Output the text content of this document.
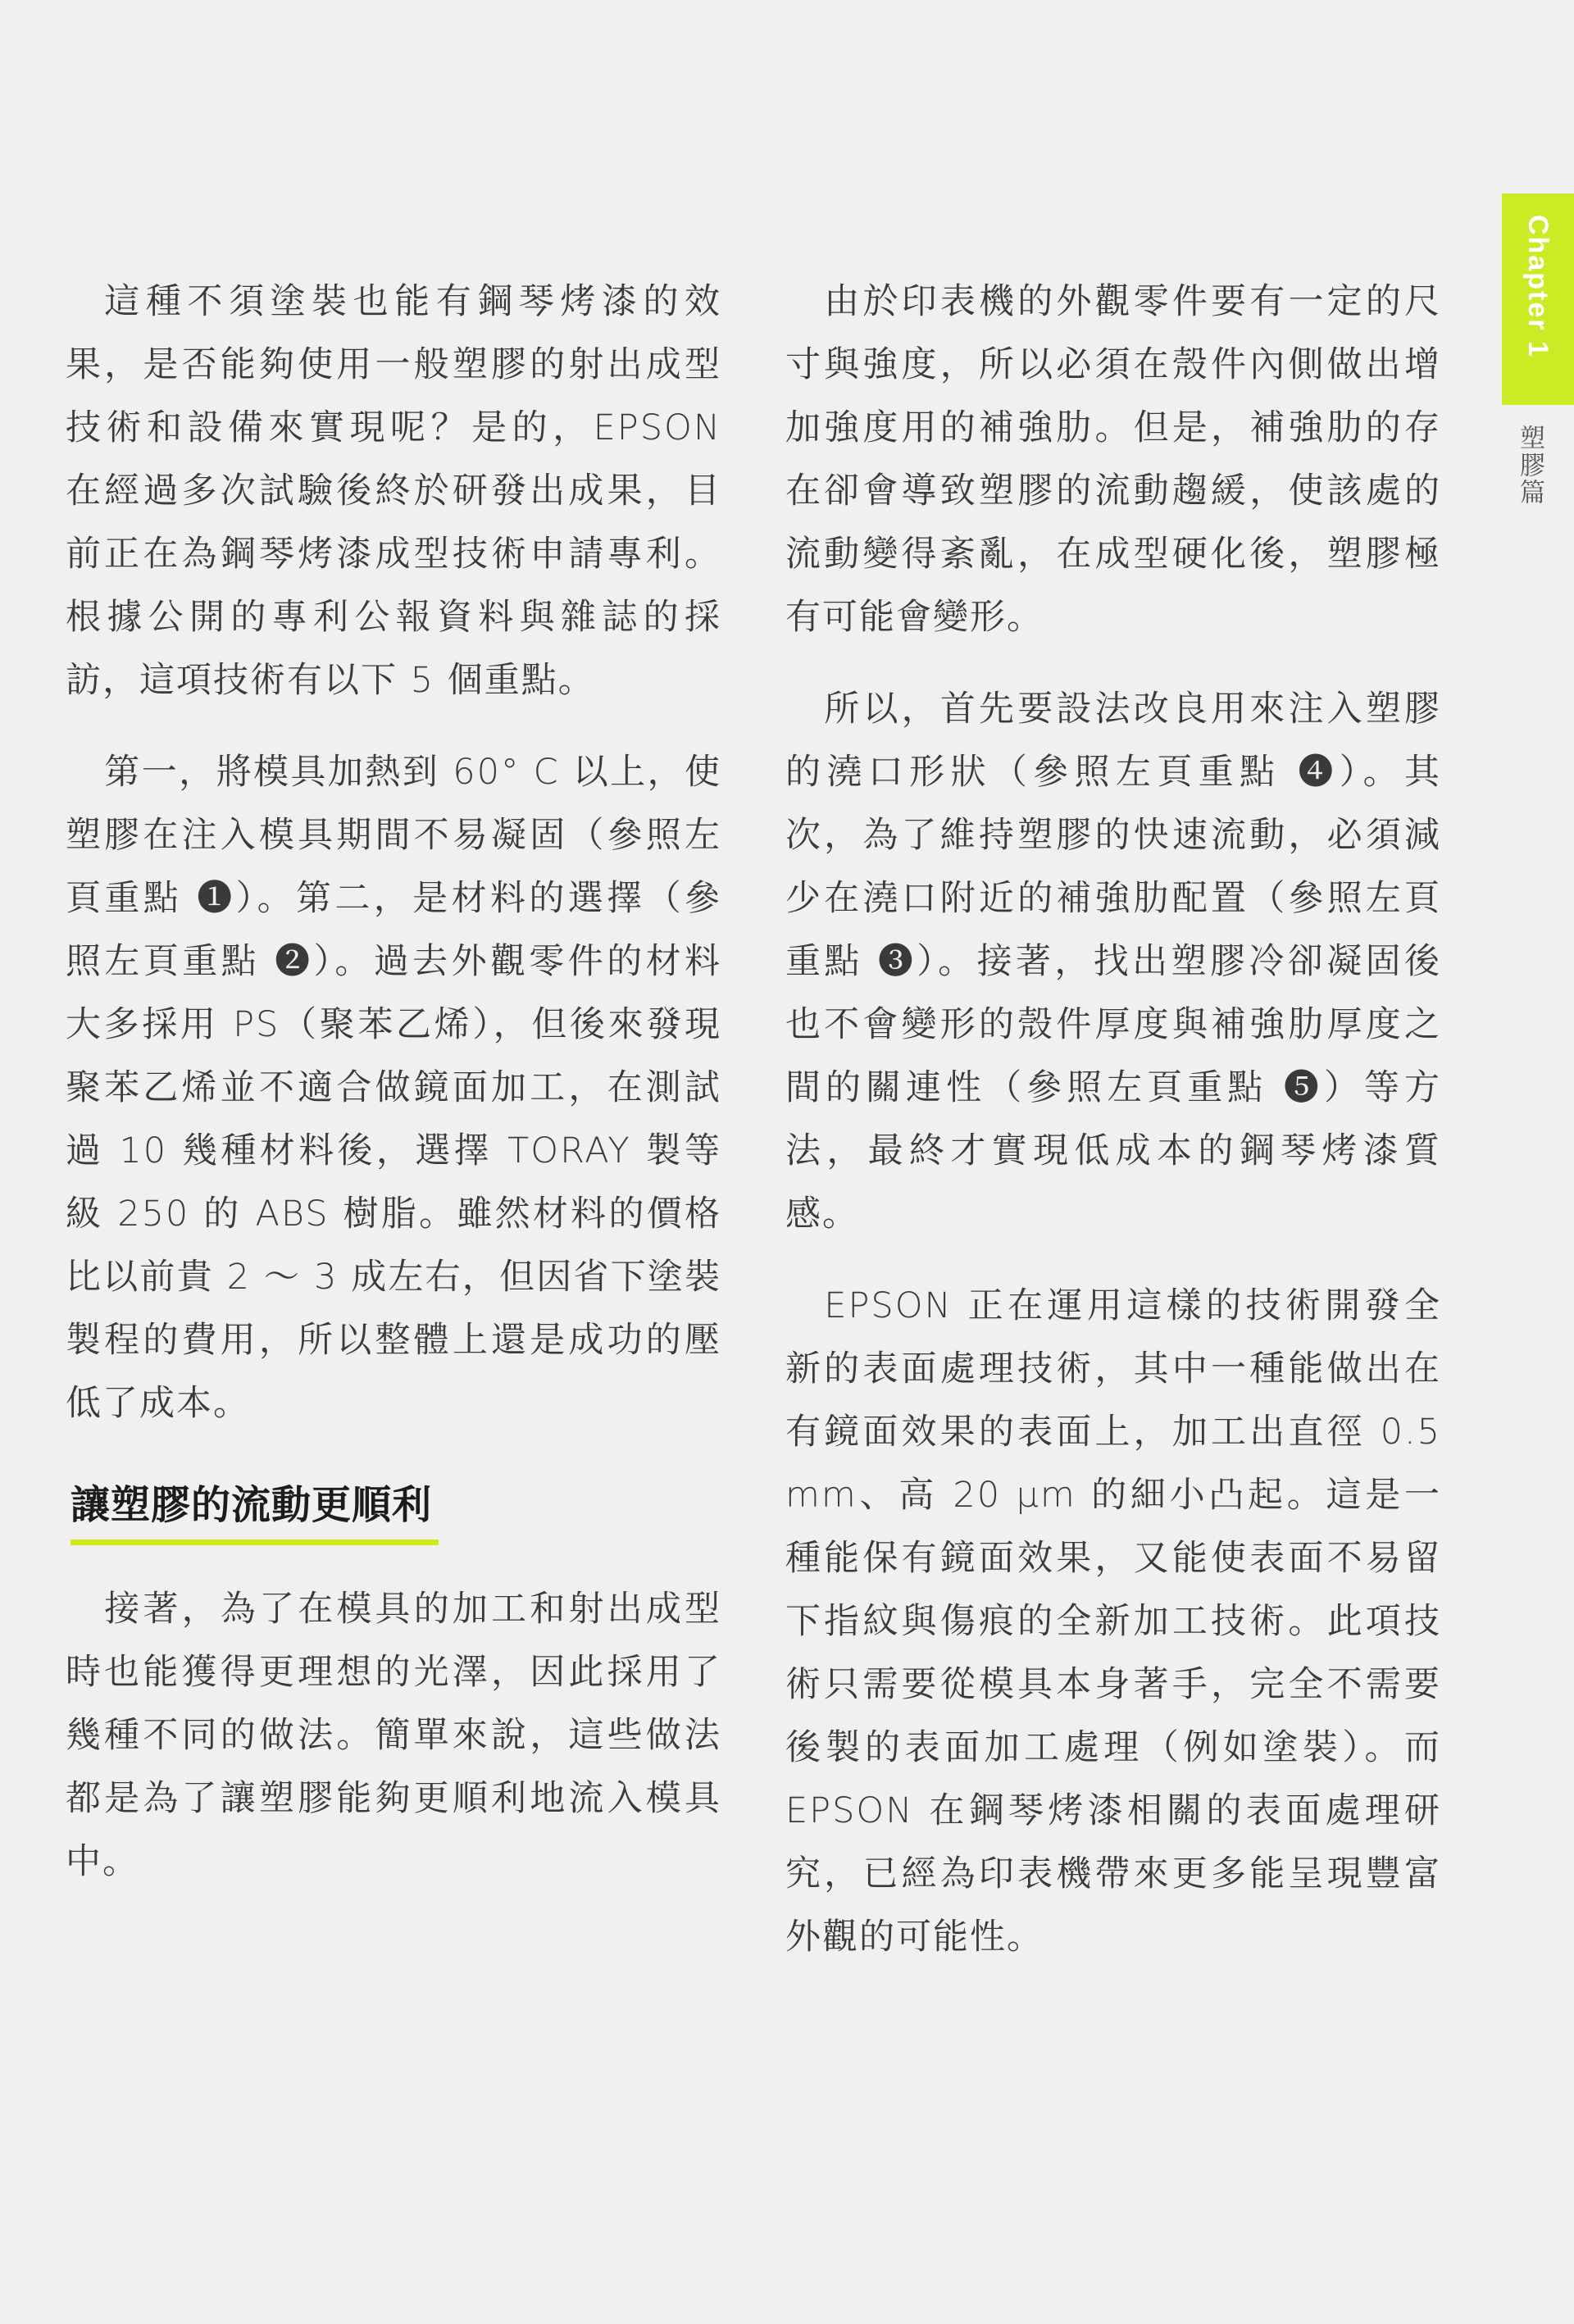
Chapter 1
塑膠篇

這種不須塗裝也能有鋼琴烤漆的效果，是否能夠使用一般塑膠的射出成型技術和設備來實現呢？是的，EPSON 在經過多次試驗後終於研發出成果，目前正在為鋼琴烤漆成型技術申請專利。根據公開的專利公報資料與雜誌的採訪，這項技術有以下 5 個重點。

第一，將模具加熱到 60° C 以上，使塑膠在注入模具期間不易凝固（參照左頁重點 ❶）。第二，是材料的選擇（參照左頁重點 ❷）。過去外觀零件的材料大多採用 PS（聚苯乙烯），但後來發現聚苯乙烯並不適合做鏡面加工，在測試過 10 幾種材料後，選擇 TORAY 製等級 250 的 ABS 樹脂。雖然材料的價格比以前貴 2 ～ 3 成左右，但因省下塗裝製程的費用，所以整體上還是成功的壓低了成本。

讓塑膠的流動更順利

接著，為了在模具的加工和射出成型時也能獲得更理想的光澤，因此採用了幾種不同的做法。簡單來說，這些做法都是為了讓塑膠能夠更順利地流入模具中。

由於印表機的外觀零件要有一定的尺寸與強度，所以必須在殼件內側做出增加強度用的補強肋。但是，補強肋的存在卻會導致塑膠的流動趨緩，使該處的流動變得紊亂，在成型硬化後，塑膠極有可能會變形。

所以，首先要設法改良用來注入塑膠的澆口形狀（參照左頁重點 ❹）。其次，為了維持塑膠的快速流動，必須減少在澆口附近的補強肋配置（參照左頁重點 ❸）。接著，找出塑膠冷卻凝固後也不會變形的殼件厚度與補強肋厚度之間的關連性（參照左頁重點 ❺）等方法，最終才實現低成本的鋼琴烤漆質感。

EPSON 正在運用這樣的技術開發全新的表面處理技術，其中一種能做出在有鏡面效果的表面上，加工出直徑 0.5 mm、高 20 μm 的細小凸起。這是一種能保有鏡面效果，又能使表面不易留下指紋與傷痕的全新加工技術。此項技術只需要從模具本身著手，完全不需要後製的表面加工處理（例如塗裝）。而 EPSON 在鋼琴烤漆相關的表面處理研究，已經為印表機帶來更多能呈現豐富外觀的可能性。
